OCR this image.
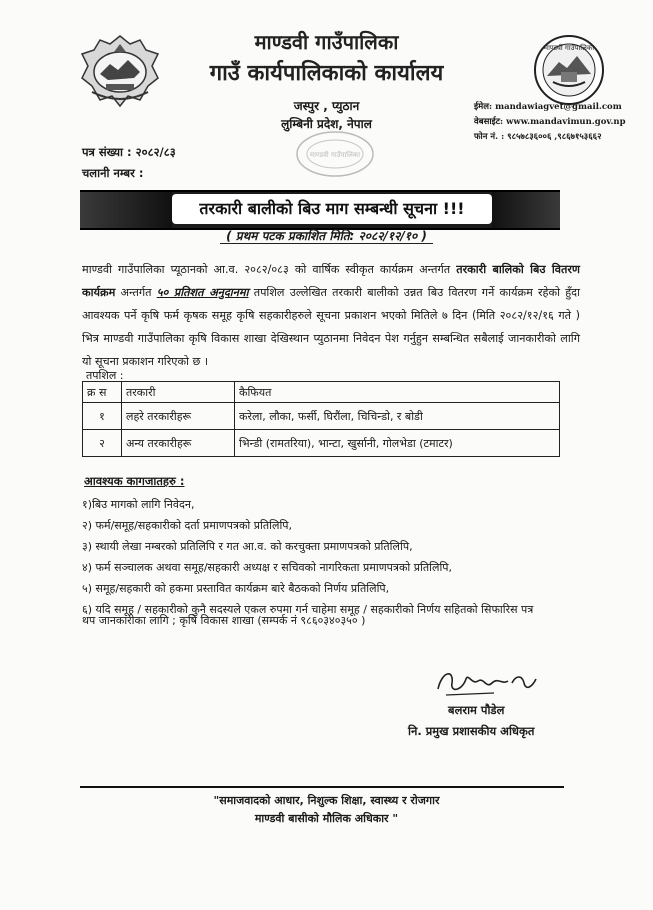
माण्डवी गाउँपालिका
माण्डवी गाउँपालिका
गाउँ कार्यपालिकाको कार्यालय
जस्पुर , प्युठान
लुम्बिनी प्रदेश, नेपाल
ईमेल: mandawiagvet@gmail.com
वेबसाईट: www.mandavimun.gov.np
फोन नं. : ९८५७८३६००६ ,९८६७१५३६६२
माण्डवी गाउँपालिका
पत्र संख्या : २०८२/८३
चलानी नम्बर :
तरकारी बालीको बिउ माग सम्बन्धी सूचना !!!
( प्रथम पटक प्रकाशित मिति: २०८२/१२/१० )
माण्डवी गाउँपालिका प्यूठानको आ.व. २०८२/०८३ को वार्षिक स्वीकृत कार्यक्रम अन्तर्गत तरकारी बालिको बिउ वितरण कार्यक्रम अन्तर्गत ५० प्रतिशत अनुदानमा तपशिल उल्लेखित तरकारी बालीको उन्नत बिउ वितरण गर्ने कार्यक्रम रहेको हुँदा आवश्यक पर्ने कृषि फर्म कृषक समूह कृषि सहकारीहरुले सूचना प्रकाशन भएको मितिले ७ दिन (मिति २०८२/१२/१६ गते ) भित्र माण्डवी गाउँपालिका कृषि विकास शाखा देखिस्थान प्युठानमा निवेदन पेश गर्नुहुन सम्बन्धित सबैलाई जानकारीको लागि यो सूचना प्रकाशन गरिएको छ ।
तपशिल :
क्र स	तरकारी	कैफियत
१	लहरे तरकारीहरू	करेला, लौका, फर्सी, घिरौंला, चिचिन्डो, र बोडी
२	अन्य तरकारीहरू	भिन्डी (रामतरिया), भान्टा, खुर्सानी, गोलभेडा (टमाटर)
आवश्यक कागजातहरु :
१)बिउ मागको लागि निवेदन,
२) फर्म/समूह/सहकारीको दर्ता प्रमाणपत्रको प्रतिलिपि,
३) स्थायी लेखा नम्बरको प्रतिलिपि र गत आ.व. को करचुक्ता प्रमाणपत्रको प्रतिलिपि,
४) फर्म सञ्चालक अथवा समूह/सहकारी अध्यक्ष र सचिवको नागरिकता प्रमाणपत्रको प्रतिलिपि,
५) समूह/सहकारी को हकमा प्रस्तावित कार्यक्रम बारे बैठकको निर्णय प्रतिलिपि,
६) यदि समूह / सहकारीको कुनै सदस्यले एकल रुपमा गर्न चाहेमा समूह / सहकारीको निर्णय सहितको सिफारिस पत्र
थप जानकारीका लागि ; कृषि विकास शाखा (सम्पर्क नं ९८६०३४०३५० )
बलराम पौडेल
नि. प्रमुख प्रशासकीय अधिकृत
"समाजवादको आधार, निशुल्क शिक्षा, स्वास्थ्य र रोजगार
माण्डवी बासीको मौलिक अधिकार "
